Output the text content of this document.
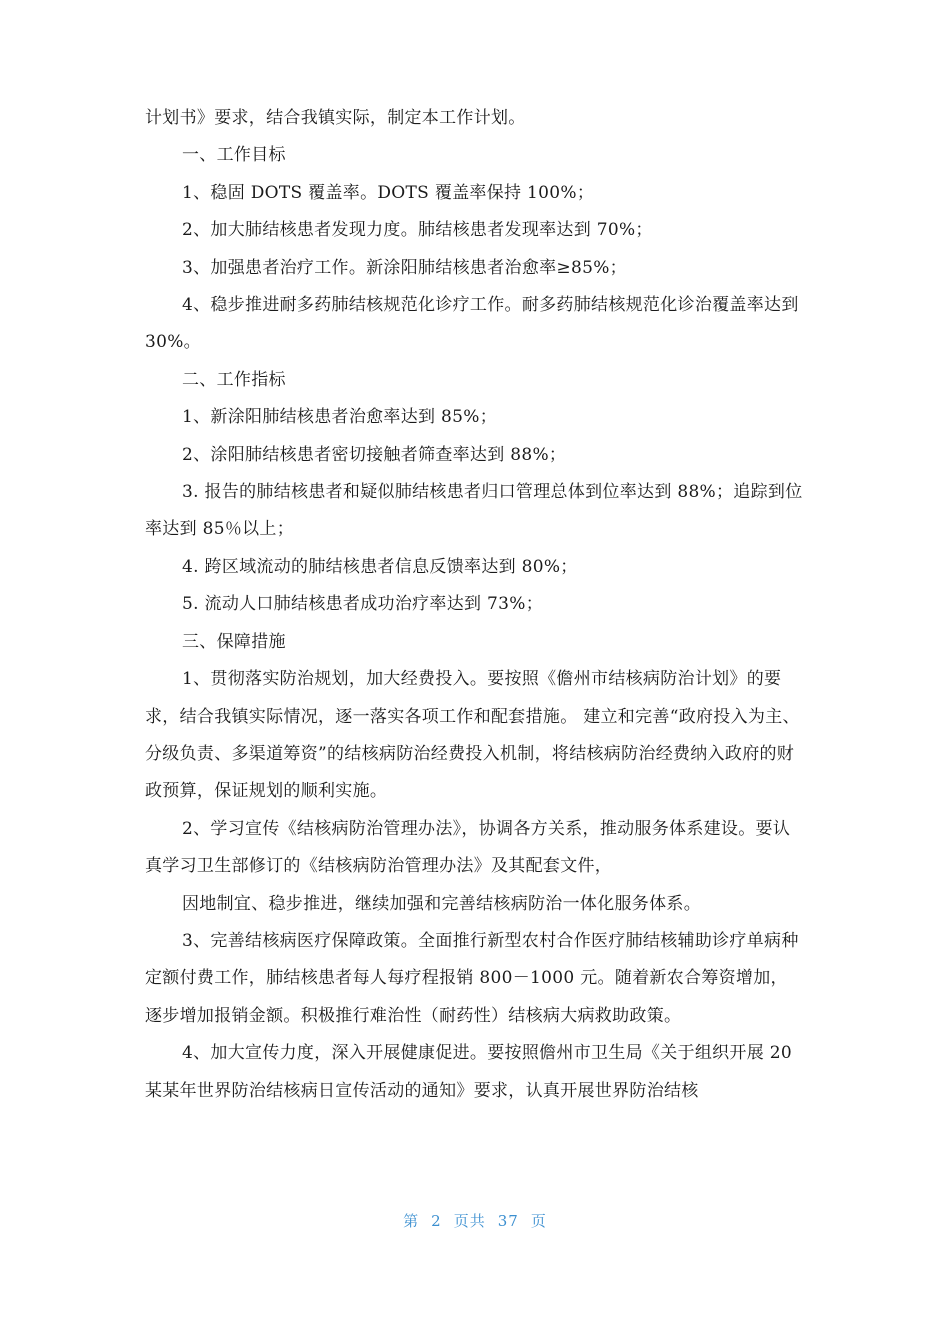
计划书》要求，结合我镇实际，制定本工作计划。

一、工作目标

1、稳固 DOTS 覆盖率。DOTS 覆盖率保持 100%；

2、加大肺结核患者发现力度。肺结核患者发现率达到 70%；

3、加强患者治疗工作。新涂阳肺结核患者治愈率≥85%；

4、稳步推进耐多药肺结核规范化诊疗工作。耐多药肺结核规范化诊治覆盖率达到 30%。

二、工作指标

1、新涂阳肺结核患者治愈率达到 85%；

2、涂阳肺结核患者密切接触者筛查率达到 88%；

3. 报告的肺结核患者和疑似肺结核患者归口管理总体到位率达到 88%；追踪到位率达到 85％以上；

4. 跨区域流动的肺结核患者信息反馈率达到 80%；

5. 流动人口肺结核患者成功治疗率达到 73%；

三、保障措施

1、贯彻落实防治规划，加大经费投入。要按照《儋州市结核病防治计划》的要求，结合我镇实际情况，逐一落实各项工作和配套措施。 建立和完善“政府投入为主、分级负责、多渠道筹资”的结核病防治经费投入机制，将结核病防治经费纳入政府的财政预算，保证规划的顺利实施。

2、学习宣传《结核病防治管理办法》，协调各方关系，推动服务体系建设。要认真学习卫生部修订的《结核病防治管理办法》及其配套文件，

因地制宜、稳步推进，继续加强和完善结核病防治一体化服务体系。

3、完善结核病医疗保障政策。全面推行新型农村合作医疗肺结核辅助诊疗单病种定额付费工作，肺结核患者每人每疗程报销 800－1000 元。随着新农合筹资增加，逐步增加报销金额。积极推行难治性（耐药性）结核病大病救助政策。

4、加大宣传力度，深入开展健康促进。要按照儋州市卫生局《关于组织开展 20 某某年世界防治结核病日宣传活动的通知》要求，认真开展世界防治结核

第 2 页共 37 页
